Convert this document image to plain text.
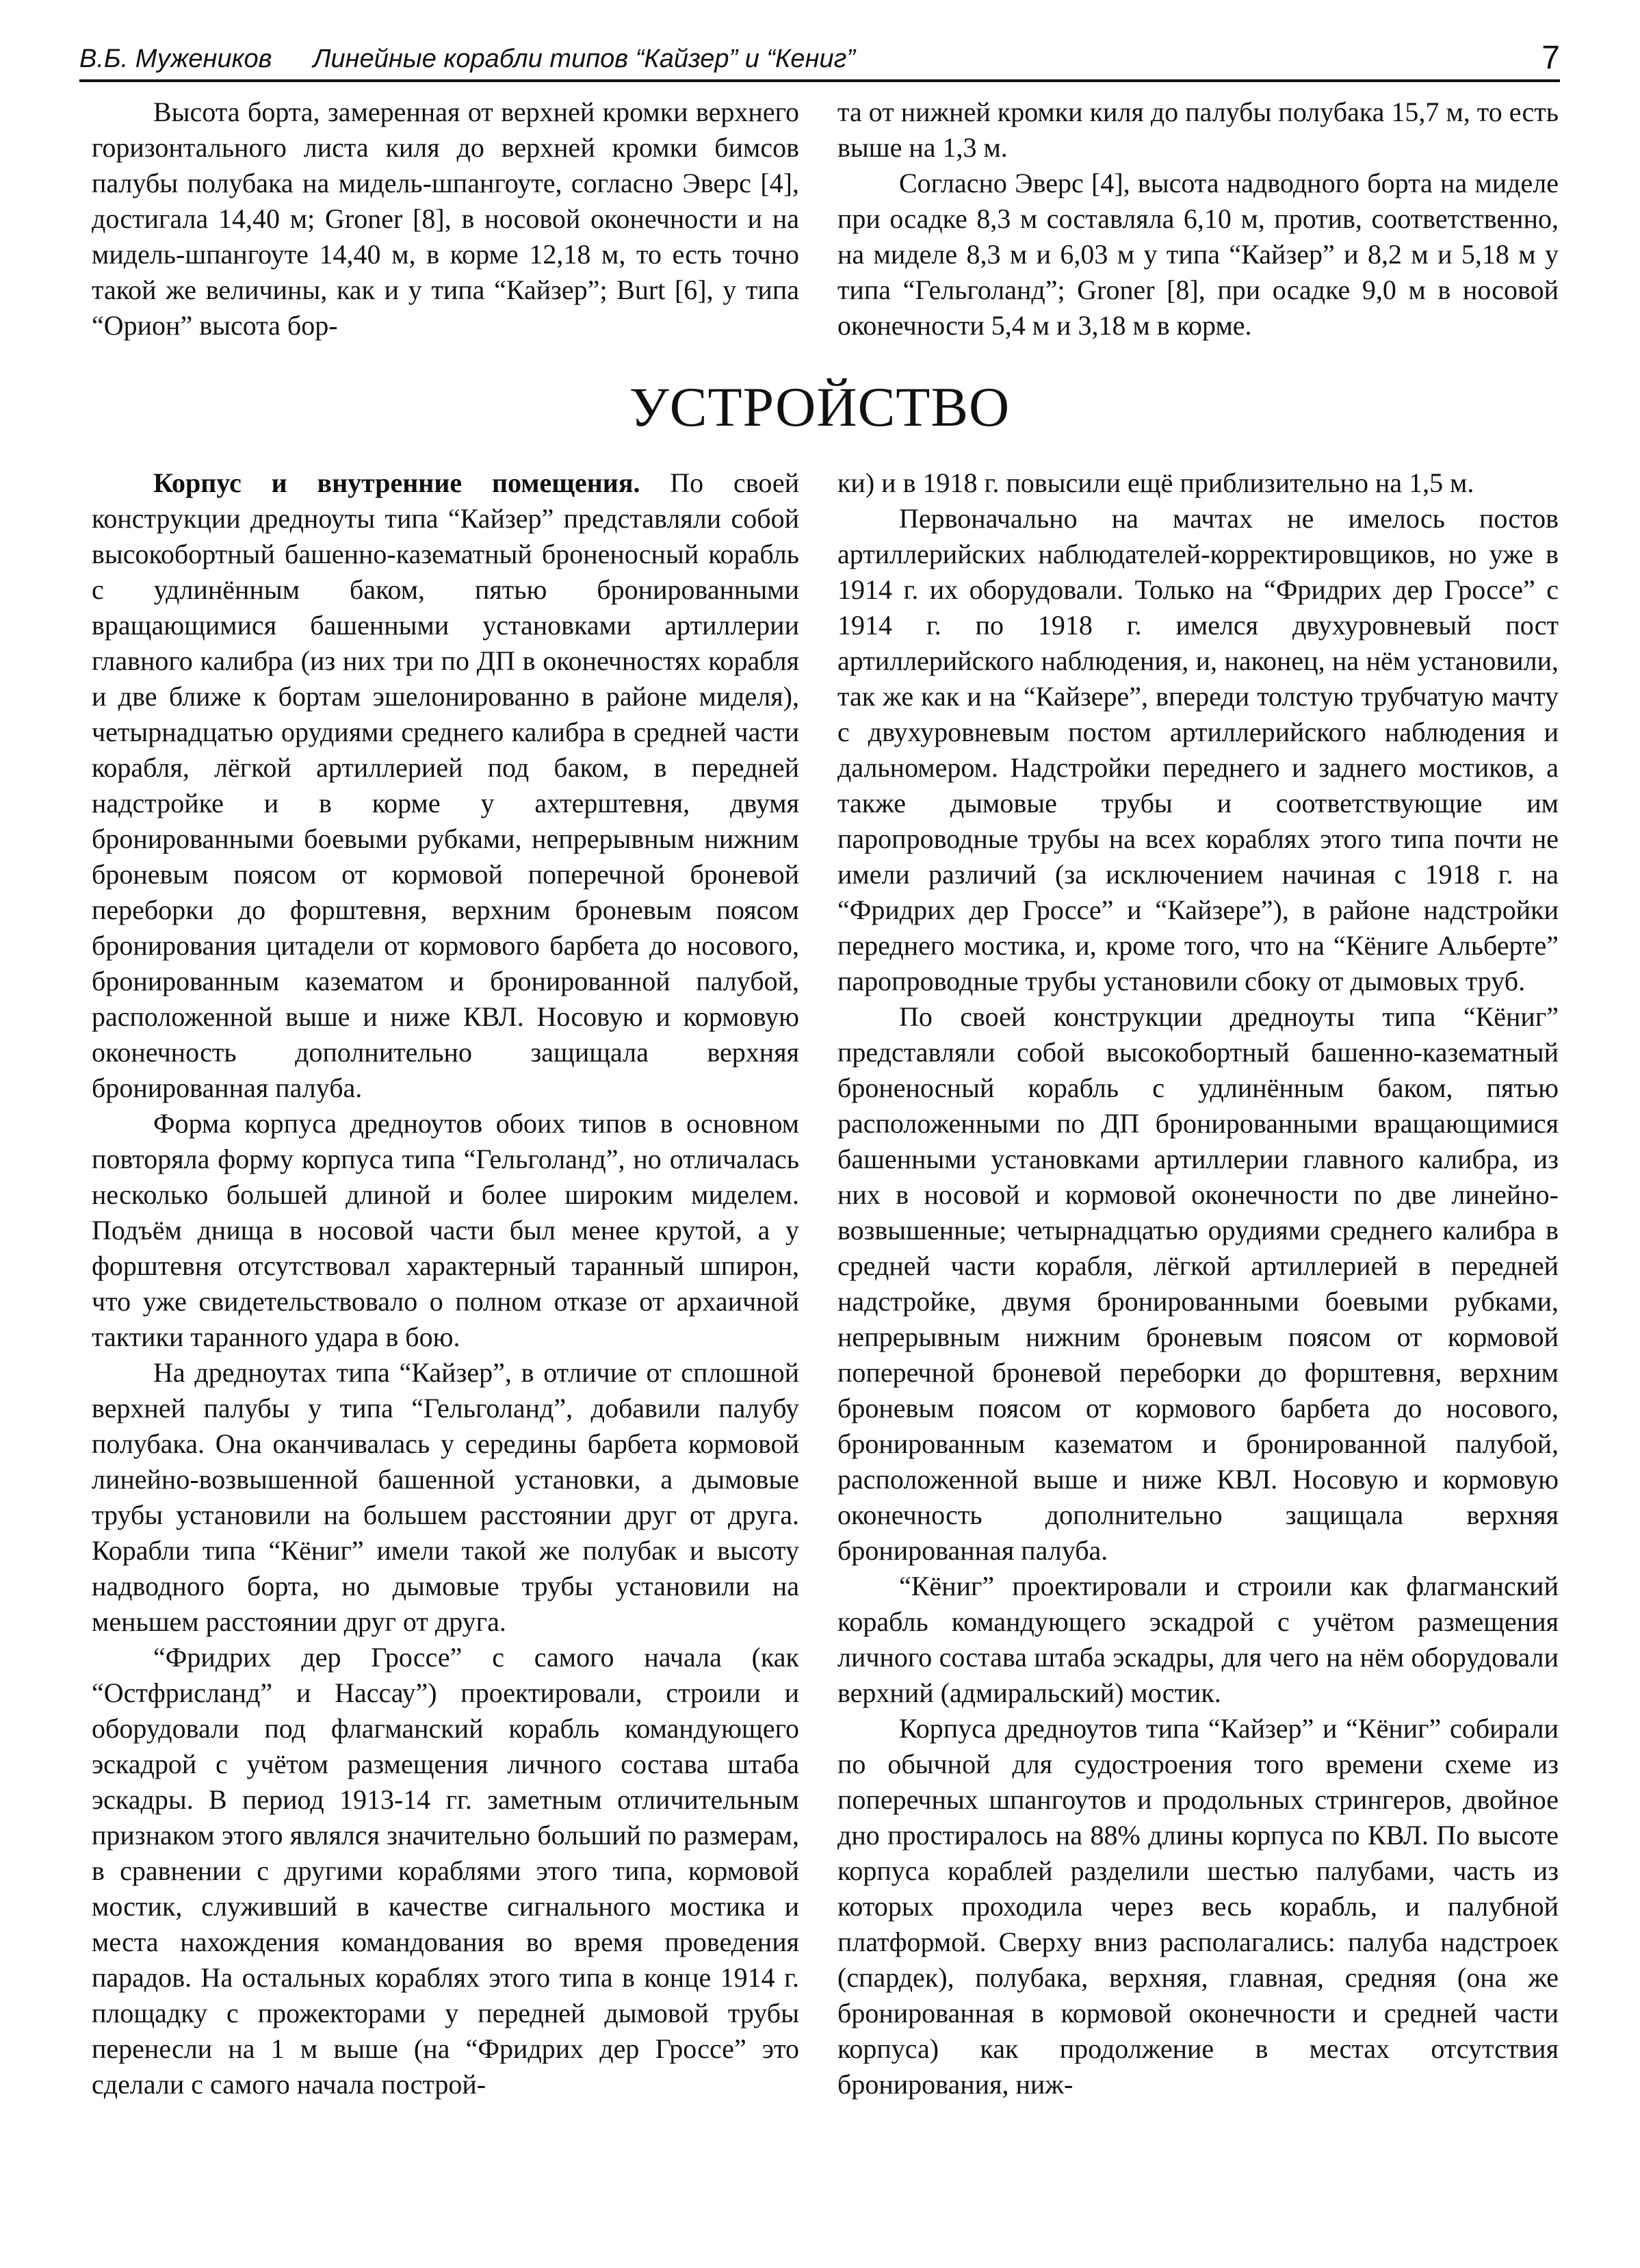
В.Б. Мужеников Линейные корабли типов “Кайзер” и “Кениг”	7

Высота борта, замеренная от верхней кромки верхнего горизонтального листа киля до верхней кромки бимсов палубы полубака на мидель-шпангоуте, согласно Эверс [4], достигала 14,40 м; Groner [8], в носовой оконечности и на мидель-шпангоуте 14,40 м, в корме 12,18 м, то есть точно такой же величины, как и у типа “Кайзер”; Burt [6], у типа “Орион” высота бор-

та от нижней кромки киля до палубы полубака 15,7 м, то есть выше на 1,3 м.

Согласно Эверс [4], высота надводного борта на миделе при осадке 8,3 м составляла 6,10 м, против, соответственно, на миделе 8,3 м и 6,03 м у типа “Кайзер” и 8,2 м и 5,18 м у типа “Гельголанд”; Groner [8], при осадке 9,0 м в носовой оконечности 5,4 м и 3,18 м в корме.

УСТРОЙСТВО

Корпус и внутренние помещения. По своей конструкции дредноуты типа “Кайзер” представляли собой высокобортный башенно-казематный броненосный корабль с удлинённым баком, пятью бронированными вращающимися башенными установками артиллерии главного калибра (из них три по ДП в оконечностях корабля и две ближе к бортам эшелонированно в районе миделя), четырнадцатью орудиями среднего калибра в средней части корабля, лёгкой артиллерией под баком, в передней надстройке и в корме у ахтерштевня, двумя бронированными боевыми рубками, непрерывным нижним броневым поясом от кормовой поперечной броневой переборки до форштевня, верхним броневым поясом бронирования цитадели от кормового барбета до носового, бронированным казематом и бронированной палубой, расположенной выше и ниже КВЛ. Носовую и кормовую оконечность дополнительно защищала верхняя бронированная палуба.

Форма корпуса дредноутов обоих типов в основном повторяла форму корпуса типа “Гельголанд”, но отличалась несколько большей длиной и более широким миделем. Подъём днища в носовой части был менее крутой, а у форштевня отсутствовал характерный таранный шпирон, что уже свидетельствовало о полном отказе от архаичной тактики таранного удара в бою.

На дредноутах типа “Кайзер”, в отличие от сплошной верхней палубы у типа “Гельголанд”, добавили палубу полубака. Она оканчивалась у середины барбета кормовой линейно-возвышенной башенной установки, а дымовые трубы установили на большем расстоянии друг от друга. Корабли типа “Кёниг” имели такой же полубак и высоту надводного борта, но дымовые трубы установили на меньшем расстоянии друг от друга.

“Фридрих дер Гроссе” с самого начала (как “Остфрисланд” и Нассау”) проектировали, строили и оборудовали под флагманский корабль командующего эскадрой с учётом размещения личного состава штаба эскадры. В период 1913-14 гг. заметным отличительным признаком этого являлся значительно больший по размерам, в сравнении с другими кораблями этого типа, кормовой мостик, служивший в качестве сигнального мостика и места нахождения командования во время проведения парадов. На остальных кораблях этого типа в конце 1914 г. площадку с прожекторами у передней дымовой трубы перенесли на 1 м выше (на “Фридрих дер Гроссе” это сделали с самого начала построй-

ки) и в 1918 г. повысили ещё приблизительно на 1,5 м.

Первоначально на мачтах не имелось постов артиллерийских наблюдателей-корректировщиков, но уже в 1914 г. их оборудовали. Только на “Фридрих дер Гроссе” с 1914 г. по 1918 г. имелся двухуровневый пост артиллерийского наблюдения, и, наконец, на нём установили, так же как и на “Кайзере”, впереди толстую трубчатую мачту с двухуровневым постом артиллерийского наблюдения и дальномером. Надстройки переднего и заднего мостиков, а также дымовые трубы и соответствующие им паропроводные трубы на всех кораблях этого типа почти не имели различий (за исключением начиная с 1918 г. на “Фридрих дер Гроссе” и “Кайзере”), в районе надстройки переднего мостика, и, кроме того, что на “Кёниге Альберте” паропроводные трубы установили сбоку от дымовых труб.

По своей конструкции дредноуты типа “Кёниг” представляли собой высокобортный башенно-казематный броненосный корабль с удлинённым баком, пятью расположенными по ДП бронированными вращающимися башенными установками артиллерии главного калибра, из них в носовой и кормовой оконечности по две линейно-возвышенные; четырнадцатью орудиями среднего калибра в средней части корабля, лёгкой артиллерией в передней надстройке, двумя бронированными боевыми рубками, непрерывным нижним броневым поясом от кормовой поперечной броневой переборки до форштевня, верхним броневым поясом от кормового барбета до носового, бронированным казематом и бронированной палубой, расположенной выше и ниже КВЛ. Носовую и кормовую оконечность дополнительно защищала верхняя бронированная палуба.

“Кёниг” проектировали и строили как флагманский корабль командующего эскадрой с учётом размещения личного состава штаба эскадры, для чего на нём оборудовали верхний (адмиральский) мостик.

Корпуса дредноутов типа “Кайзер” и “Кёниг” собирали по обычной для судостроения того времени схеме из поперечных шпангоутов и продольных стрингеров, двойное дно простиралось на 88% длины корпуса по КВЛ. По высоте корпуса кораблей разделили шестью палубами, часть из которых проходила через весь корабль, и палубной платформой. Сверху вниз располагались: палуба надстроек (спардек), полубака, верхняя, главная, средняя (она же бронированная в кормовой оконечности и средней части корпуса) как продолжение в местах отсутствия бронирования, ниж-
